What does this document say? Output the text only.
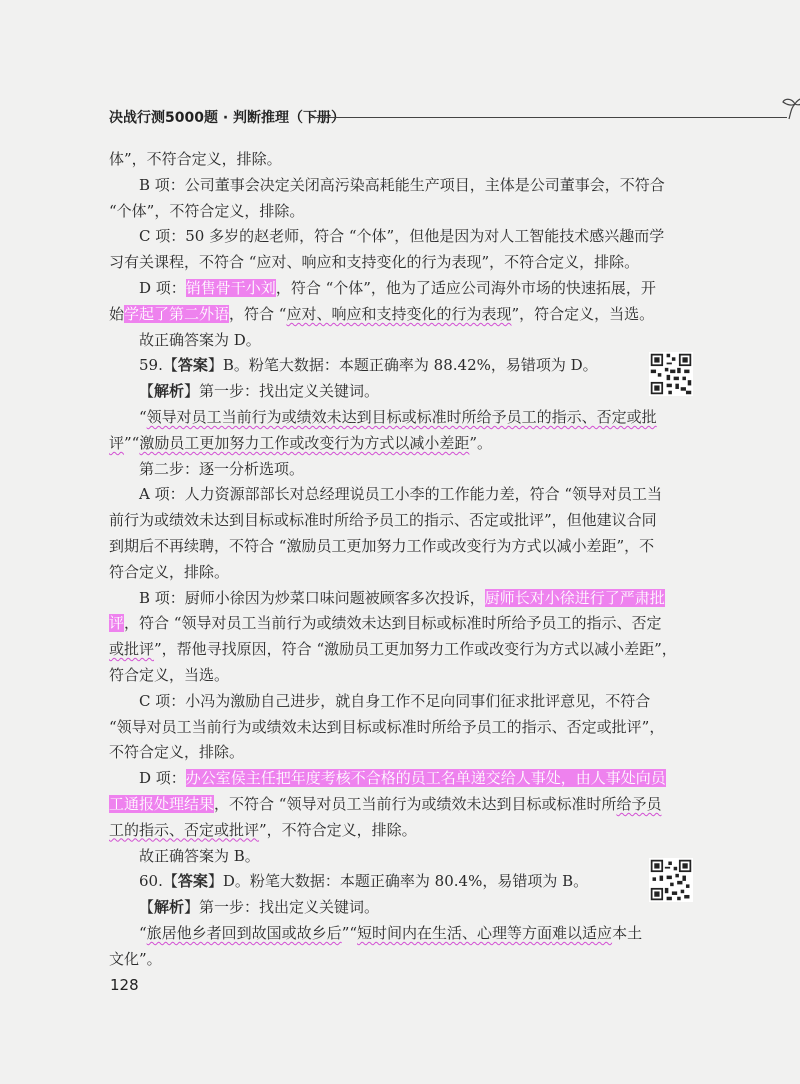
决战行测5000题 · 判断推理（下册）

体”，不符合定义，排除。

B 项：公司董事会决定关闭高污染高耗能生产项目，主体是公司董事会，不符合

“个体”，不符合定义，排除。

C 项：50 多岁的赵老师，符合 “个体”，但他是因为对人工智能技术感兴趣而学

习有关课程，不符合 “应对、响应和支持变化的行为表现”，不符合定义，排除。

D 项：销售骨干小刘，符合 “个体”，他为了适应公司海外市场的快速拓展，开

始学起了第二外语，符合 “应对、响应和支持变化的行为表现”，符合定义，当选。

故正确答案为 D。

59.【答案】B。粉笔大数据：本题正确率为 88.42%，易错项为 D。

【解析】第一步：找出定义关键词。

“领导对员工当前行为或绩效未达到目标或标准时所给予员工的指示、否定或批

评”“激励员工更加努力工作或改变行为方式以减小差距”。

第二步：逐一分析选项。

A 项：人力资源部部长对总经理说员工小李的工作能力差，符合 “领导对员工当

前行为或绩效未达到目标或标准时所给予员工的指示、否定或批评”，但他建议合同

到期后不再续聘，不符合 “激励员工更加努力工作或改变行为方式以减小差距”，不

符合定义，排除。

B 项：厨师小徐因为炒菜口味问题被顾客多次投诉，厨师长对小徐进行了严肃批

评，符合 “领导对员工当前行为或绩效未达到目标或标准时所给予员工的指示、否定

或批评”，帮他寻找原因，符合 “激励员工更加努力工作或改变行为方式以减小差距”，

符合定义，当选。

C 项：小冯为激励自己进步，就自身工作不足向同事们征求批评意见，不符合

“领导对员工当前行为或绩效未达到目标或标准时所给予员工的指示、否定或批评”，

不符合定义，排除。

D 项：办公室侯主任把年度考核不合格的员工名单递交给人事处，由人事处向员

工通报处理结果，不符合 “领导对员工当前行为或绩效未达到目标或标准时所给予员

工的指示、否定或批评”，不符合定义，排除。

故正确答案为 B。

60.【答案】D。粉笔大数据：本题正确率为 80.4%，易错项为 B。

【解析】第一步：找出定义关键词。

“旅居他乡者回到故国或故乡后”“短时间内在生活、心理等方面难以适应本土

文化”。

128
